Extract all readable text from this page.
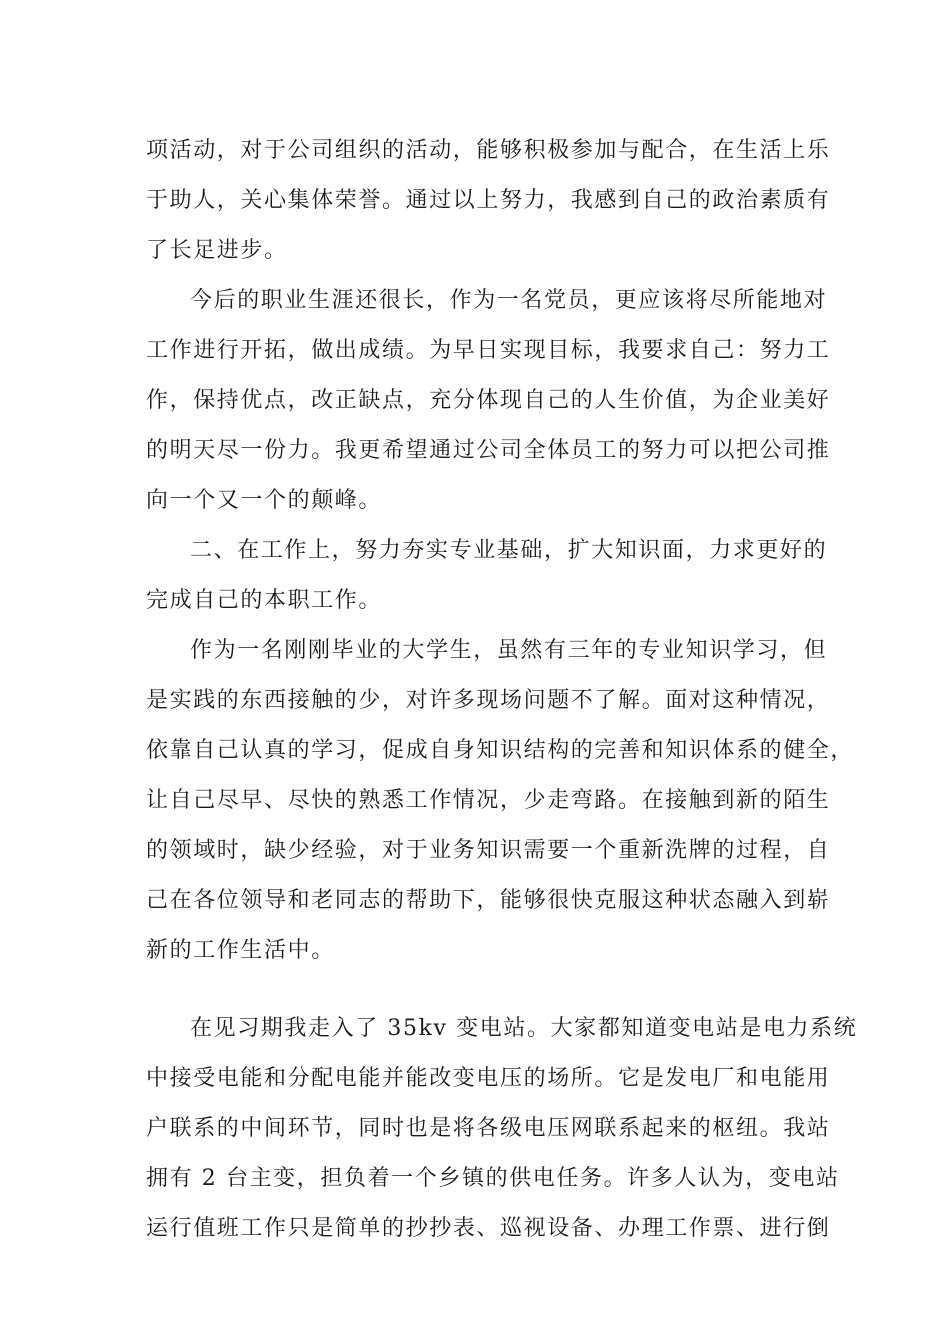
项活动，对于公司组织的活动，能够积极参加与配合，在生活上乐
于助人，关心集体荣誉。通过以上努力，我感到自己的政治素质有
了长足进步。
今后的职业生涯还很长，作为一名党员，更应该将尽所能地对
工作进行开拓，做出成绩。为早日实现目标，我要求自己：努力工
作，保持优点，改正缺点，充分体现自己的人生价值，为企业美好
的明天尽一份力。我更希望通过公司全体员工的努力可以把公司推
向一个又一个的颠峰。
二、在工作上，努力夯实专业基础，扩大知识面，力求更好的
完成自己的本职工作。
作为一名刚刚毕业的大学生，虽然有三年的专业知识学习，但
是实践的东西接触的少，对许多现场问题不了解。面对这种情况，
依靠自己认真的学习，促成自身知识结构的完善和知识体系的健全，
让自己尽早、尽快的熟悉工作情况，少走弯路。在接触到新的陌生
的领域时，缺少经验，对于业务知识需要一个重新洗牌的过程，自
己在各位领导和老同志的帮助下，能够很快克服这种状态融入到崭
新的工作生活中。
在见习期我走入了 35kv 变电站。大家都知道变电站是电力系统
中接受电能和分配电能并能改变电压的场所。它是发电厂和电能用
户联系的中间环节，同时也是将各级电压网联系起来的枢纽。我站
拥有 2 台主变，担负着一个乡镇的供电任务。许多人认为，变电站
运行值班工作只是简单的抄抄表、巡视设备、办理工作票、进行倒
